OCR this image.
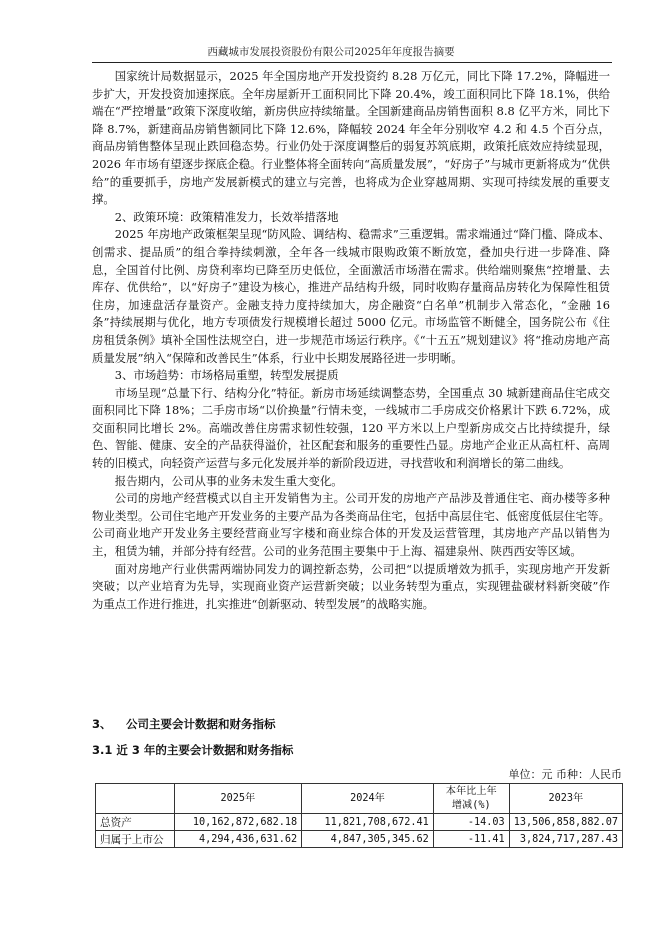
西藏城市发展投资股份有限公司2025年年度报告摘要

国家统计局数据显示，2025 年全国房地产开发投资约 8.28 万亿元，同比下降 17.2%，降幅进一步扩大，开发投资加速探底。全年房屋新开工面积同比下降 20.4%，竣工面积同比下降 18.1%，供给端在“严控增量”政策下深度收缩，新房供应持续缩量。全国新建商品房销售面积 8.8 亿平方米，同比下降 8.7%，新建商品房销售额同比下降 12.6%，降幅较 2024 年全年分别收窄 4.2 和 4.5 个百分点，商品房销售整体呈现止跌回稳态势。行业仍处于深度调整后的弱复苏筑底期，政策托底效应持续显现，2026 年市场有望逐步探底企稳。行业整体将全面转向“高质量发展”，“好房子”与城市更新将成为“优供给”的重要抓手，房地产发展新模式的建立与完善，也将成为企业穿越周期、实现可持续发展的重要支撑。

2、政策环境：政策精准发力，长效举措落地

2025 年房地产政策框架呈现“防风险、调结构、稳需求”三重逻辑。需求端通过“降门槛、降成本、创需求、提品质”的组合拳持续刺激，全年各一线城市限购政策不断放宽，叠加央行进一步降准、降息，全国首付比例、房贷利率均已降至历史低位，全面激活市场潜在需求。供给端则聚焦“控增量、去库存、优供给”，以“好房子”建设为核心，推进产品结构升级，同时收购存量商品房转化为保障性租赁住房，加速盘活存量资产。金融支持力度持续加大，房企融资“白名单”机制步入常态化，“金融 16 条”持续展期与优化，地方专项债发行规模增长超过 5000 亿元。市场监管不断健全，国务院公布《住房租赁条例》填补全国性法规空白，进一步规范市场运行秩序。《“十五五”规划建议》将“推动房地产高质量发展”纳入“保障和改善民生”体系，行业中长期发展路径进一步明晰。

3、市场趋势：市场格局重塑，转型发展提质

市场呈现“总量下行、结构分化”特征。新房市场延续调整态势，全国重点 30 城新建商品住宅成交面积同比下降 18%；二手房市场“以价换量”行情未变，一线城市二手房成交价格累计下跌 6.72%，成交面积同比增长 2%。高端改善住房需求韧性较强，120 平方米以上户型新房成交占比持续提升，绿色、智能、健康、安全的产品获得溢价，社区配套和服务的重要性凸显。房地产企业正从高杠杆、高周转的旧模式，向轻资产运营与多元化发展并举的新阶段迈进，寻找营收和利润增长的第二曲线。

报告期内，公司从事的业务未发生重大变化。

公司的房地产经营模式以自主开发销售为主。公司开发的房地产产品涉及普通住宅、商办楼等多种物业类型。公司住宅地产开发业务的主要产品为各类商品住宅，包括中高层住宅、低密度低层住宅等。公司商业地产开发业务主要经营商业写字楼和商业综合体的开发及运营管理，其房地产产品以销售为主，租赁为辅，并部分持有经营。公司的业务范围主要集中于上海、福建泉州、陕西西安等区域。

面对房地产行业供需两端协同发力的调控新态势，公司把“以提质增效为抓手，实现房地产开发新突破；以产业培育为先导，实现商业资产运营新突破；以业务转型为重点，实现锂盐碳材料新突破”作为重点工作进行推进，扎实推进“创新驱动、转型发展”的战略实施。

3、 公司主要会计数据和财务指标
3.1 近 3 年的主要会计数据和财务指标
单位：元 币种：人民币
	2025年	2024年	本年比上年
增减(%)	2023年
总资产	10,162,872,682.18	11,821,708,672.41	-14.03	13,506,858,882.07
归属于上市公	4,294,436,631.62	4,847,305,345.62	-11.41	3,824,717,287.43
